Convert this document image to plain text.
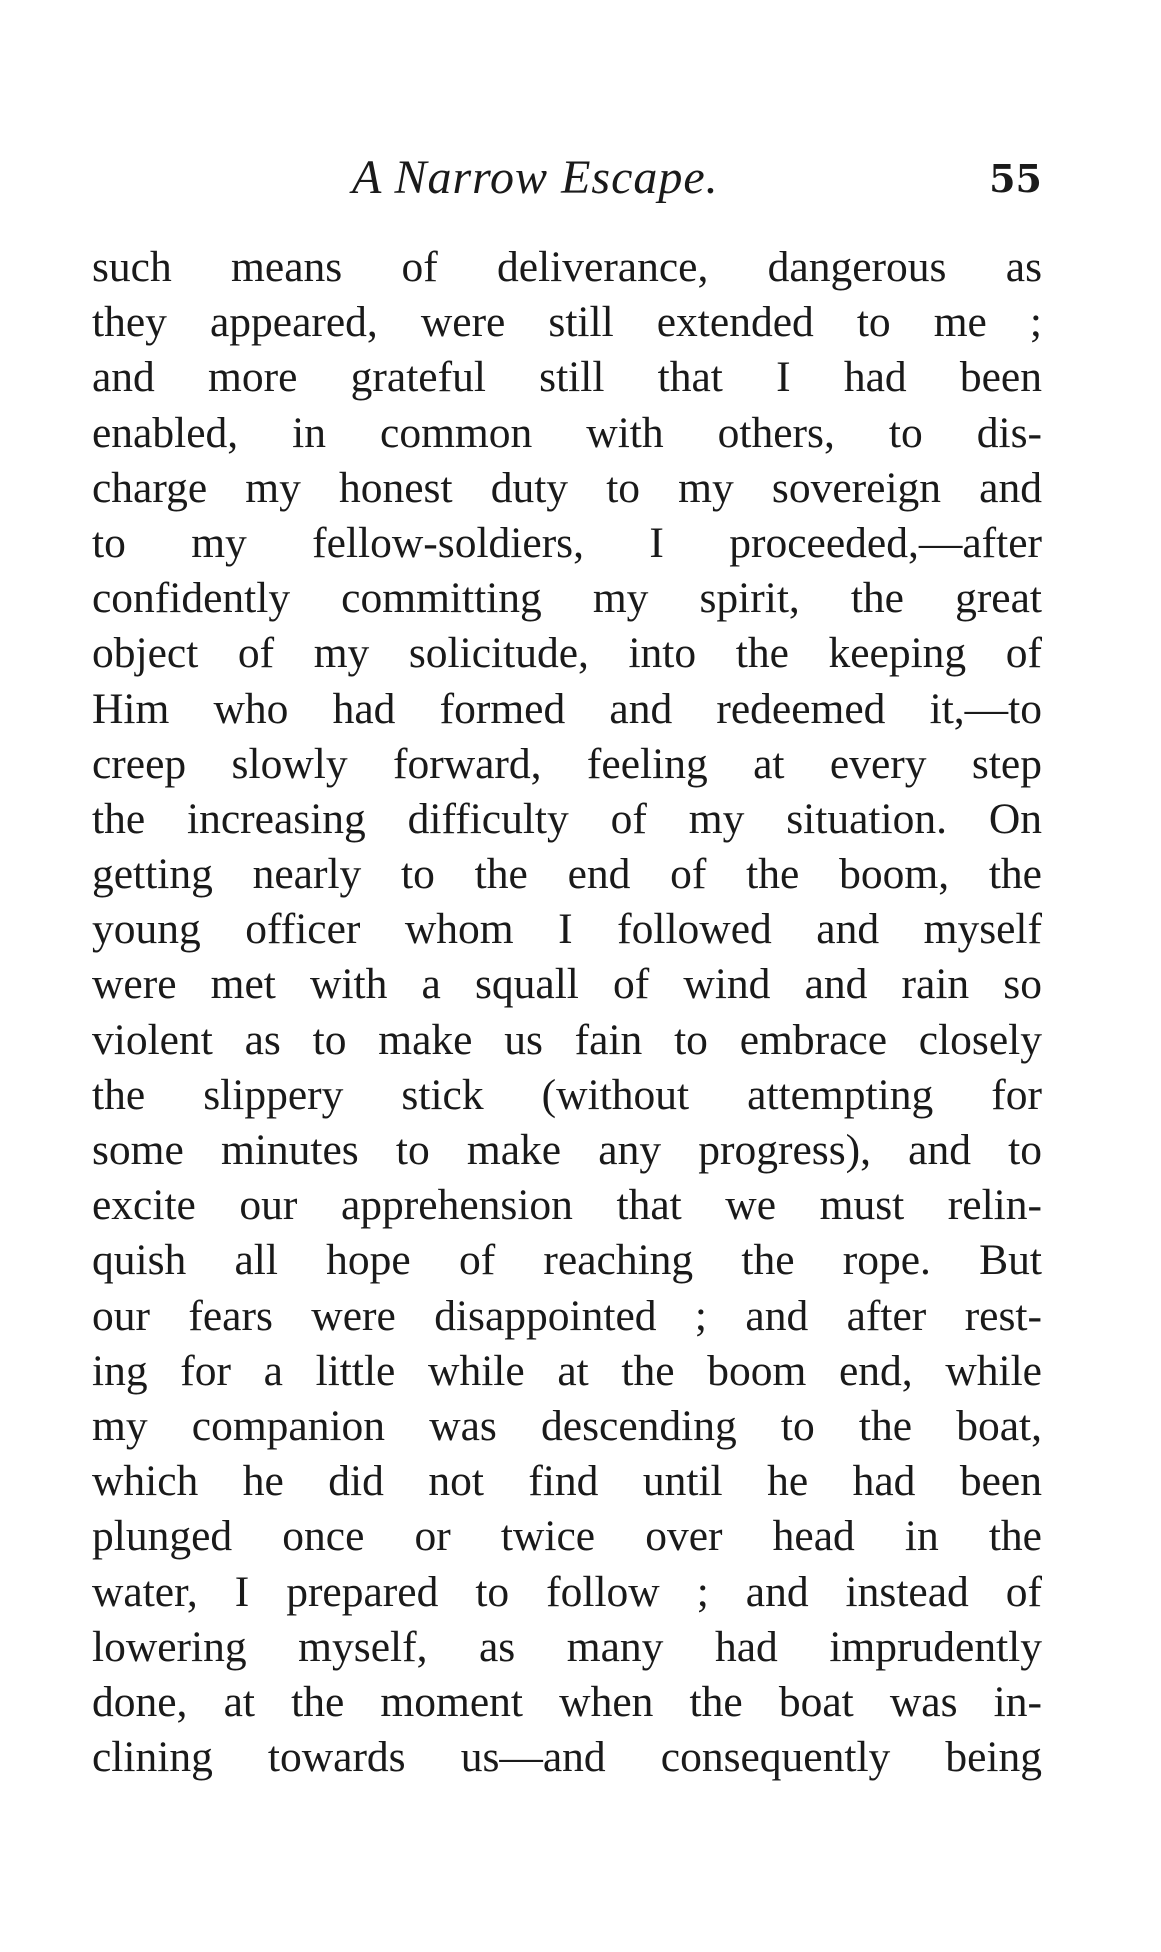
A Narrow Escape.	55
such means of deliverance, dangerous as
they appeared, were still extended to me ;
and more grateful still that I had been
enabled, in common with others, to dis-
charge my honest duty to my sovereign and
to my fellow-soldiers, I proceeded,—after
confidently committing my spirit, the great
object of my solicitude, into the keeping of
Him who had formed and redeemed it,—to
creep slowly forward, feeling at every step
the increasing difficulty of my situation. On
getting nearly to the end of the boom, the
young officer whom I followed and myself
were met with a squall of wind and rain so
violent as to make us fain to embrace closely
the slippery stick (without attempting for
some minutes to make any progress), and to
excite our apprehension that we must relin-
quish all hope of reaching the rope. But
our fears were disappointed ; and after rest-
ing for a little while at the boom end, while
my companion was descending to the boat,
which he did not find until he had been
plunged once or twice over head in the
water, I prepared to follow ; and instead of
lowering myself, as many had imprudently
done, at the moment when the boat was in-
clining towards us—and consequently being
